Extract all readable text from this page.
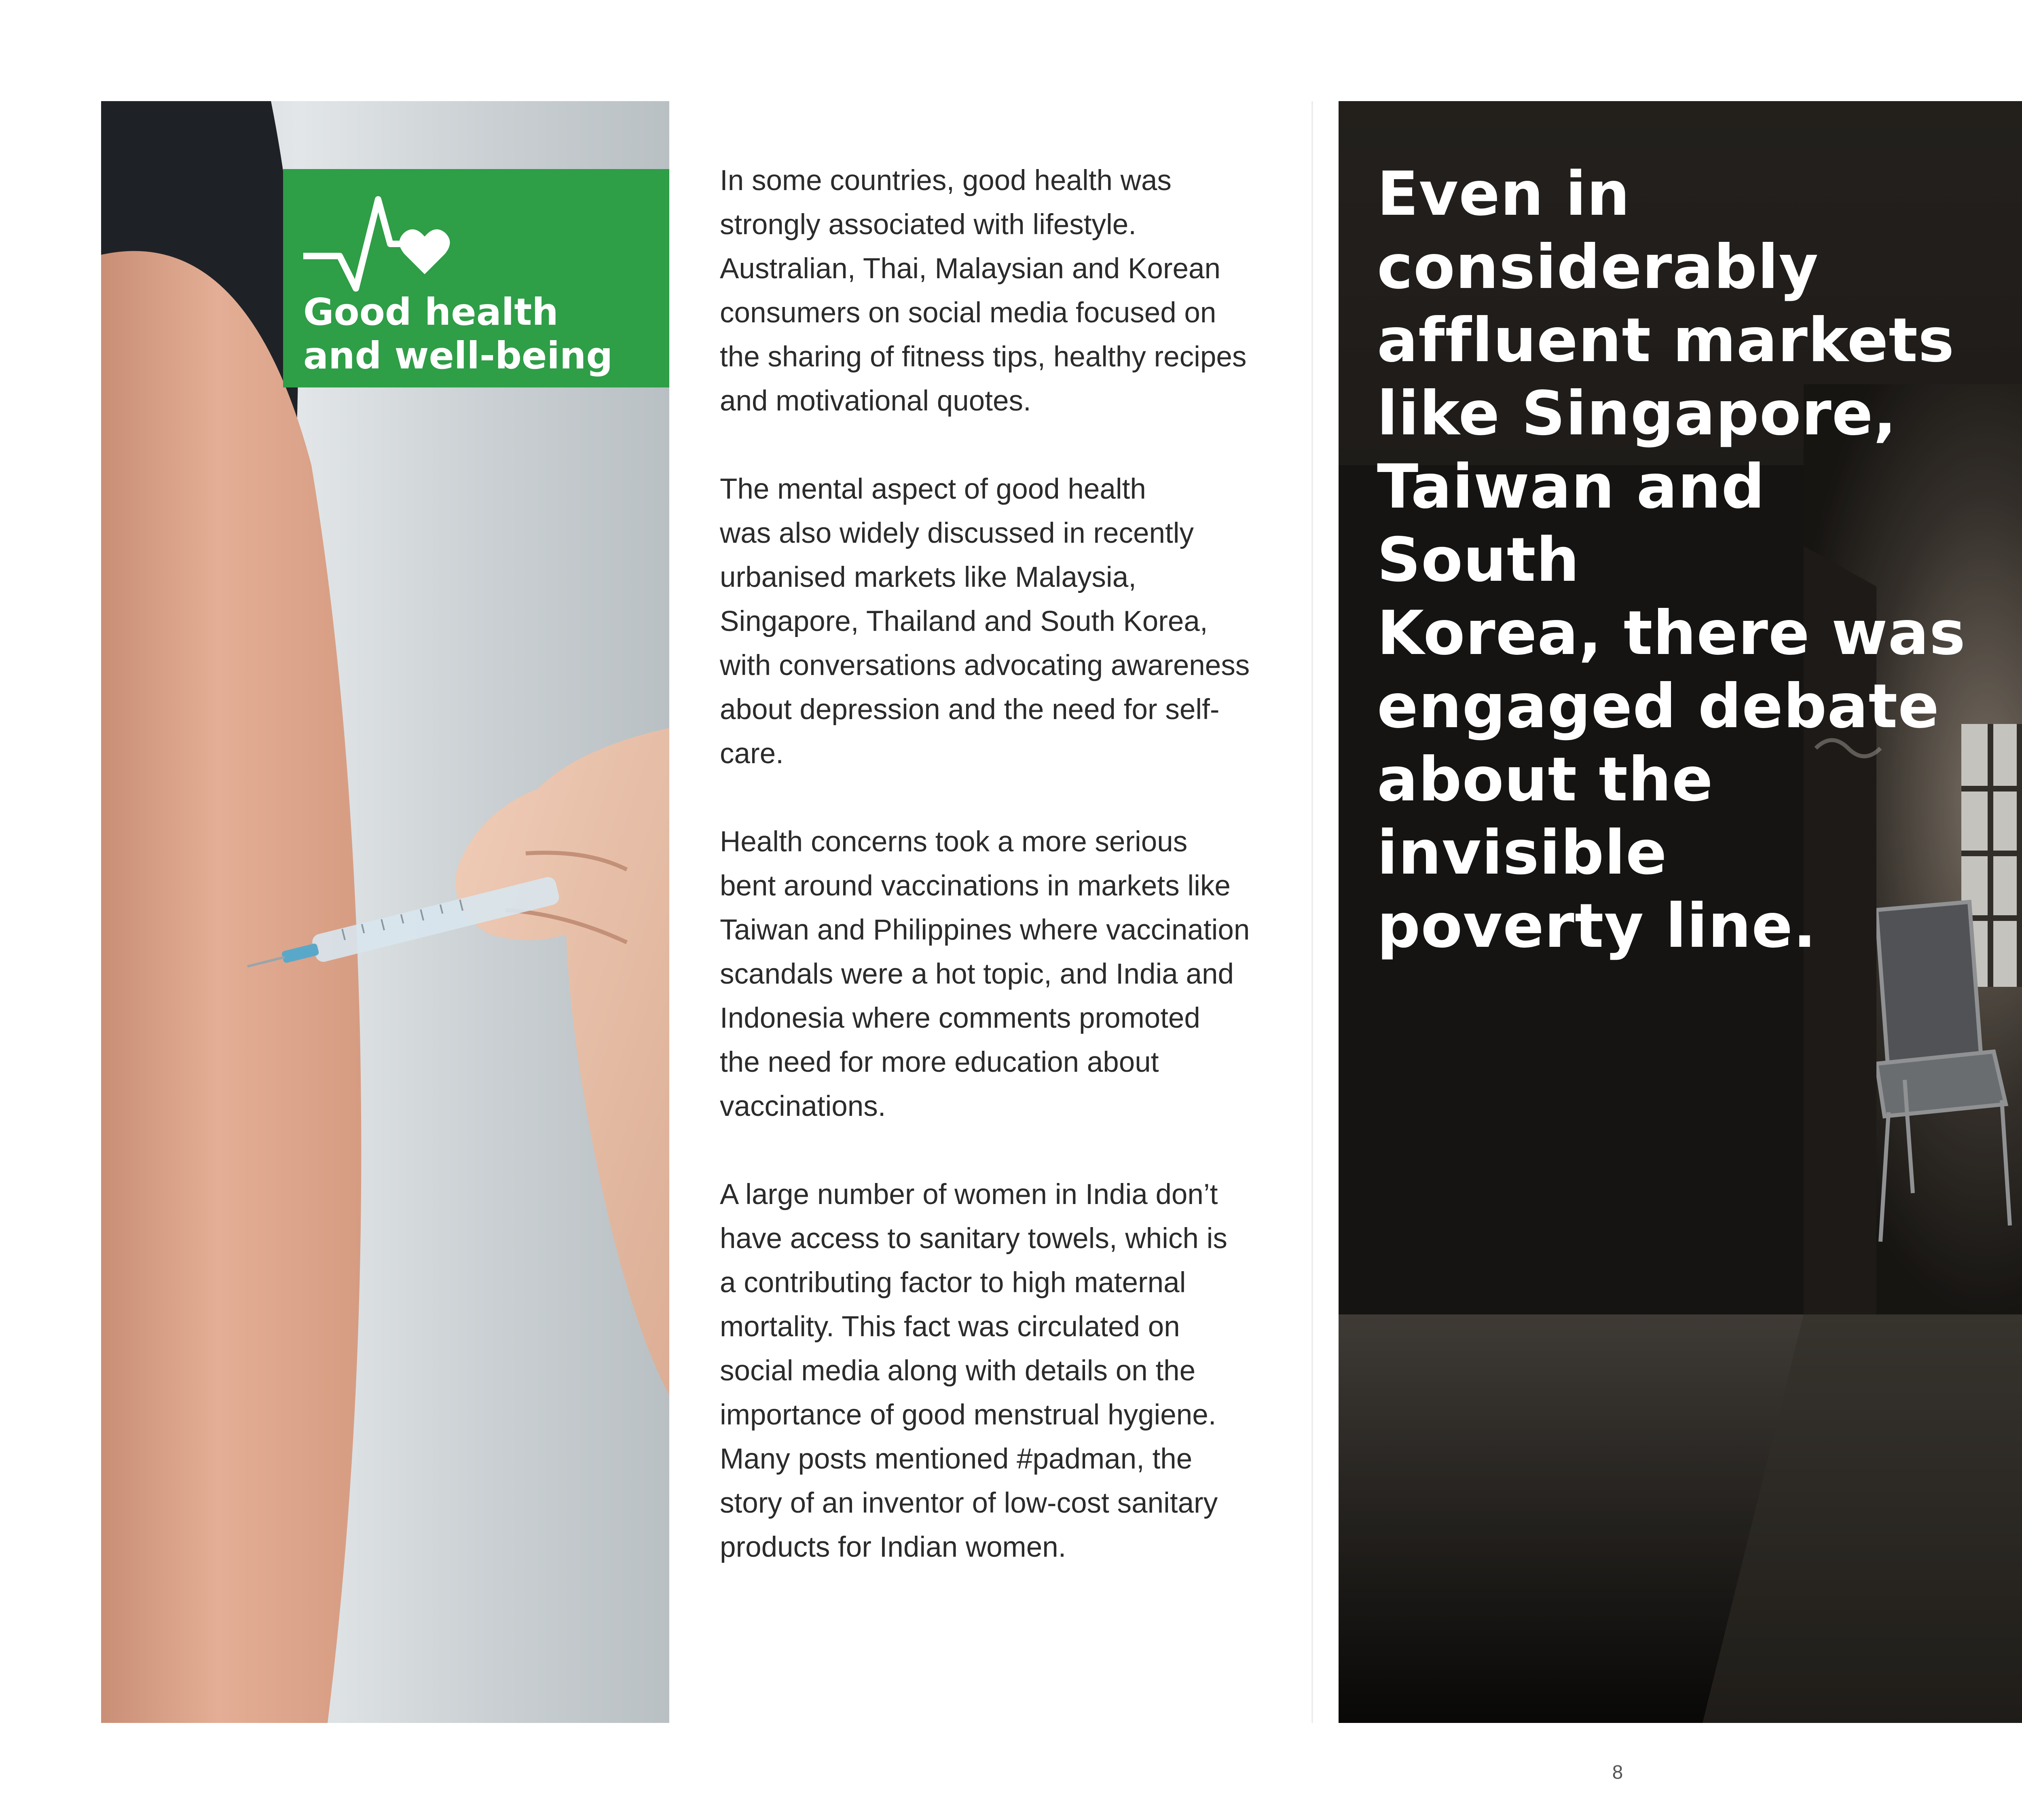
Good health
and well-being

In some countries, good health was
strongly associated with lifestyle.
Australian, Thai, Malaysian and Korean
consumers on social media focused on
the sharing of fitness tips, healthy recipes
and motivational quotes.

The mental aspect of good health
was also widely discussed in recently
urbanised markets like Malaysia,
Singapore, Thailand and South Korea,
with conversations advocating awareness
about depression and the need for self-
care.

Health concerns took a more serious
bent around vaccinations in markets like
Taiwan and Philippines where vaccination
scandals were a hot topic, and India and
Indonesia where comments promoted
the need for more education about
vaccinations.

A large number of women in India don’t
have access to sanitary towels, which is
a contributing factor to high maternal
mortality. This fact was circulated on
social media along with details on the
importance of good menstrual hygiene.
Many posts mentioned #padman, the
story of an inventor of low-cost sanitary
products for Indian women.

Even in
considerably
affluent markets
like Singapore,
Taiwan and South
Korea, there was
engaged debate
about the invisible
poverty line.

8
